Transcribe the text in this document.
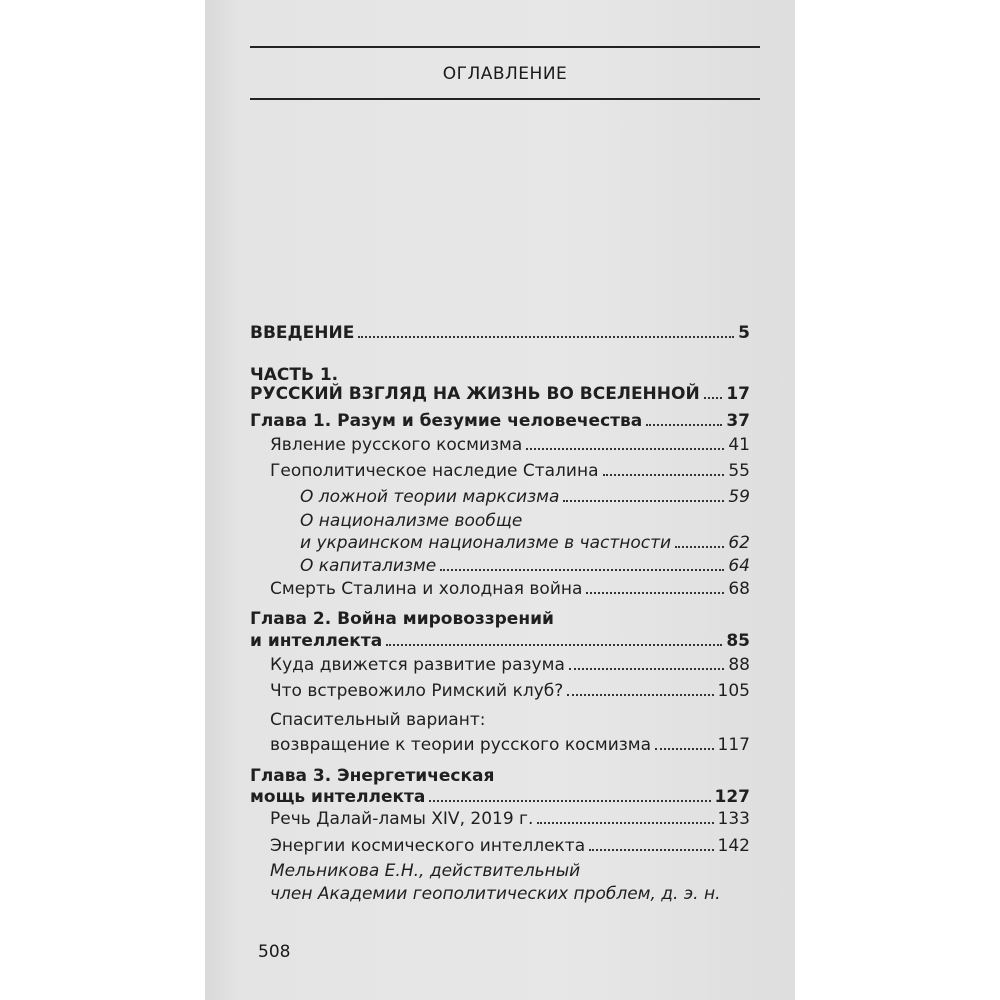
ОГЛАВЛЕНИЕ
ВВЕДЕНИЕ	5
ЧАСТЬ 1.
РУССКИЙ ВЗГЛЯД НА ЖИЗНЬ ВО ВСЕЛЕННОЙ 17
Глава 1. Разум и безумие человечества	37
Явление русского космизма	41
Геополитическое наследие Сталина	55
О ложной теории марксизма	59
О национализме вообще
и украинском национализме в частности	62
О капитализме	64
Смерть Сталина и холодная война	68
Глава 2. Война мировоззрений
и интеллекта	85
Куда движется развитие разума	88
Что встревожило Римский клуб?	105
Спасительный вариант:
возвращение к теории русского космизма	117
Глава 3. Энергетическая
мощь интеллекта	127
Речь Далай-ламы XIV, 2019 г.	133
Энергии космического интеллекта	142
Мельникова Е.Н., действительный
член Академии геополитических проблем, д. э. н.
508
